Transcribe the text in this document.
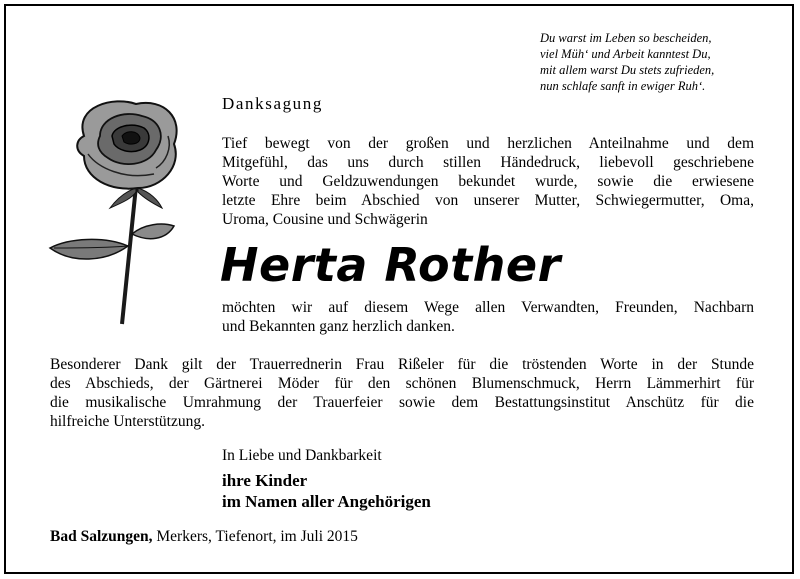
Du warst im Leben so bescheiden,
viel Müh‘ und Arbeit kanntest Du,
mit allem warst Du stets zufrieden,
nun schlafe sanft in ewiger Ruh‘.
Danksagung
Tief bewegt von der großen und herzlichen Anteilnahme und dem
Mitgefühl, das uns durch stillen Händedruck, liebevoll geschriebene
Worte und Geldzuwendungen bekundet wurde, sowie die erwiesene
letzte Ehre beim Abschied von unserer Mutter, Schwiegermutter, Oma,
Uroma, Cousine und Schwägerin
Herta Rother
möchten wir auf diesem Wege allen Verwandten, Freunden, Nachbarn
und Bekannten ganz herzlich danken.
Besonderer Dank gilt der Trauerrednerin Frau Rißeler für die tröstenden Worte in der Stunde
des Abschieds, der Gärtnerei Möder für den schönen Blumenschmuck, Herrn Lämmerhirt für
die musikalische Umrahmung der Trauerfeier sowie dem Bestattungsinstitut Anschütz für die
hilfreiche Unterstützung.
In Liebe und Dankbarkeit
ihre Kinder
im Namen aller Angehörigen
Bad Salzungen, Merkers, Tiefenort, im Juli 2015
